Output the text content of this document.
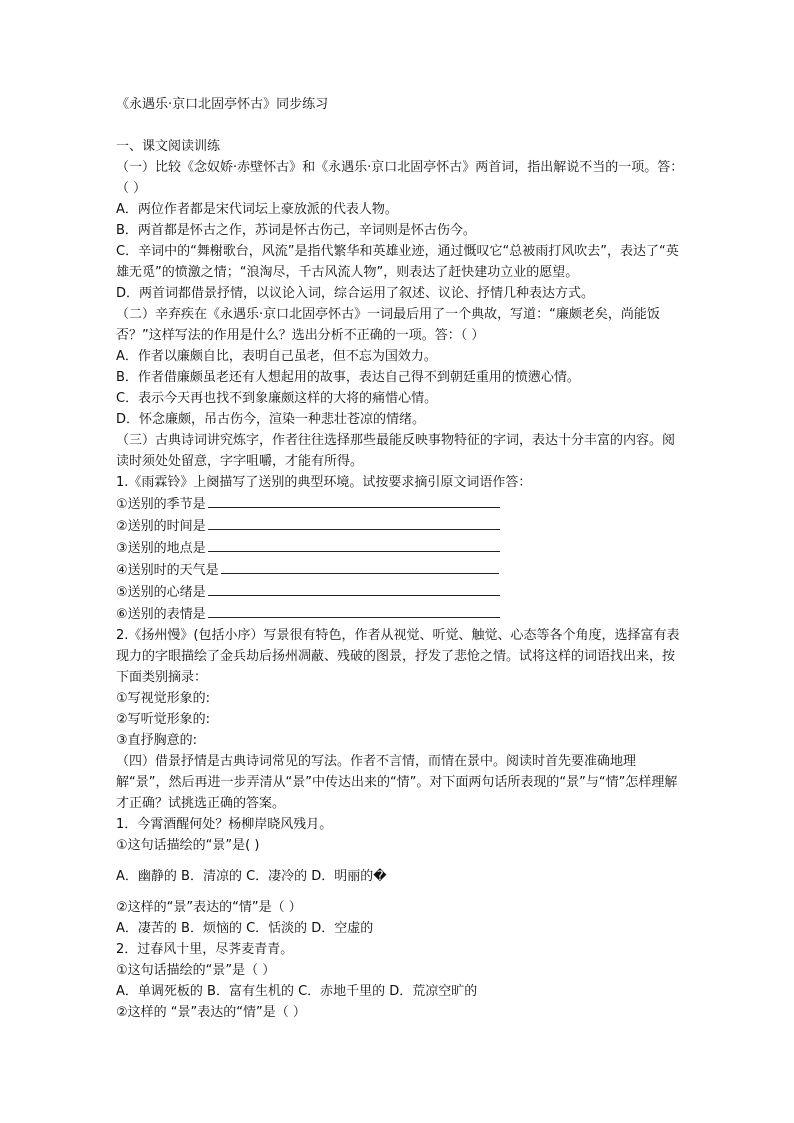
《永遇乐·京口北固亭怀古》同步练习
一、课文阅读训练
（一）比较《念奴娇·赤壁怀古》和《永遇乐·京口北固亭怀古》两首词，指出解说不当的一项。答：（ ）
A．两位作者都是宋代词坛上豪放派的代表人物。
B．两首都是怀古之作，苏词是怀古伤己，辛词则是怀古伤今。
C．辛词中的“舞榭歌台，风流”是指代繁华和英雄业迹，通过慨叹它“总被雨打风吹去”，表达了“英雄无觅”的愤激之情；“浪淘尽，千古风流人物”，则表达了赶快建功立业的愿望。
D．两首词都借景抒情，以议论入词，综合运用了叙述、议论、抒情几种表达方式。
（二）辛弃疾在《永遇乐·京口北固亭怀古》一词最后用了一个典故，写道：“廉颇老矣，尚能饭否？”这样写法的作用是什么？选出分析不正确的一项。答：（ ）
A．作者以廉颇自比，表明自己虽老，但不忘为国效力。
B．作者借廉颇虽老还有人想起用的故事，表达自己得不到朝廷重用的愤懑心情。
C．表示今天再也找不到象廉颇这样的大将的痛惜心情。
D．怀念廉颇，吊古伤今，渲染一种悲壮苍凉的情绪。
（三）古典诗词讲究炼字，作者往往选择那些最能反映事物特征的字词，表达十分丰富的内容。阅读时须处处留意，字字咀嚼，才能有所得。
1.《雨霖铃》上阕描写了送别的典型环境。试按要求摘引原文词语作答：
①送别的季节是
②送别的时间是
③送别的地点是
④送别时的天气是
⑤送别的心绪是
⑥送别的表情是
2.《扬州慢》(包括小序）写景很有特色，作者从视觉、听觉、触觉、心态等各个角度，选择富有表现力的字眼描绘了金兵劫后扬州凋蔽、残破的图景，抒发了悲怆之情。试将这样的词语找出来，按下面类别摘录：
①写视觉形象的:
②写听觉形象的:
③直抒胸意的:
（四）借景抒情是古典诗词常见的写法。作者不言情，而情在景中。阅读时首先要准确地理解“景”，然后再进一步弄清从“景”中传达出来的“情”。对下面两句话所表现的“景”与“情”怎样理解才正确？试挑选正确的答案。
1．今霄酒醒何处？杨柳岸晓风残月。
①这句话描绘的“景”是( )
A．幽静的 B．清凉的 C．凄冷的 D．明丽的�
②这样的“景”表达的“情”是（ ）
A．凄苦的 B．烦恼的 C．恬淡的 D．空虚的
2．过春风十里，尽荠麦青青。
①这句话描绘的“景”是（ ）
A．单调死板的 B．富有生机的 C．赤地千里的 D．荒凉空旷的
②这样的 “景”表达的“情”是（ ）
